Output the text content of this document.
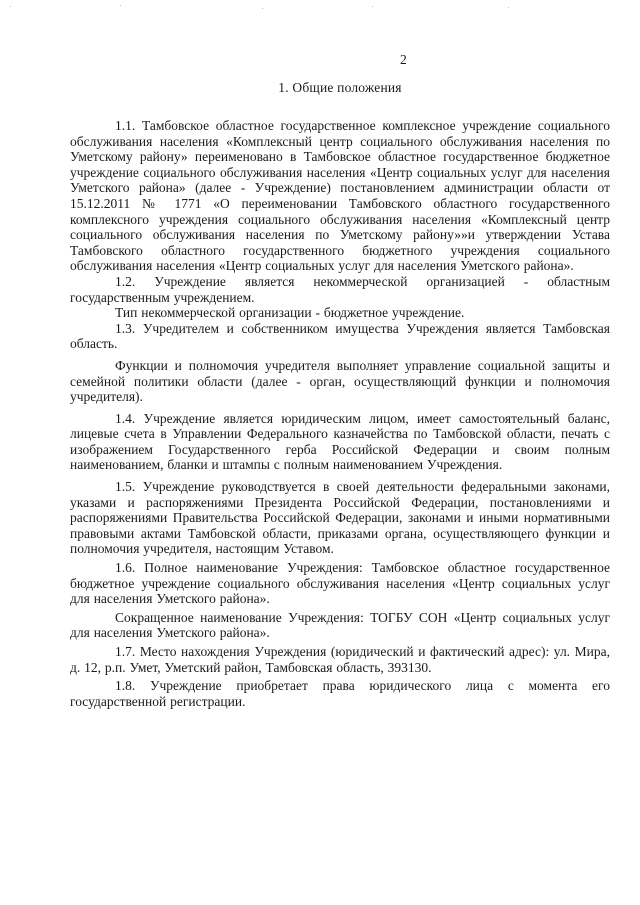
2
1. Общие положения

1.1. Тамбовское областное государственное комплексное учреждение социального обслуживания населения «Комплексный центр социального обслуживания населения по Уметскому району» переименовано в Тамбовское областное государственное бюджетное учреждение социального обслуживания населения «Центр социальных услуг для населения Уметского района» (далее - Учреждение) постановлением администрации области от 15.12.2011 № 1771 «О переименовании Тамбовского областного государственного комплексного учреждения социального обслуживания населения «Комплексный центр социального обслуживания населения по Уметскому району»»и утверждении Устава Тамбовского областного государственного бюджетного учреждения социального обслуживания населения «Центр социальных услуг для населения Уметского района».

1.2. Учреждение является некоммерческой организацией - областным государственным учреждением.

Тип некоммерческой организации - бюджетное учреждение.

1.3. Учредителем и собственником имущества Учреждения является Тамбовская область.

Функции и полномочия учредителя выполняет управление социальной защиты и семейной политики области (далее - орган, осуществляющий функции и полномочия учредителя).

1.4. Учреждение является юридическим лицом, имеет самостоятельный баланс, лицевые счета в Управлении Федерального казначейства по Тамбовской области, печать с изображением Государственного герба Российской Федерации и своим полным наименованием, бланки и штампы с полным наименованием Учреждения.

1.5. Учреждение руководствуется в своей деятельности федеральными законами, указами и распоряжениями Президента Российской Федерации, постановлениями и распоряжениями Правительства Российской Федерации, законами и иными нормативными правовыми актами Тамбовской области, приказами органа, осуществляющего функции и полномочия учредителя, настоящим Уставом.

1.6. Полное наименование Учреждения: Тамбовское областное государственное бюджетное учреждение социального обслуживания населения «Центр социальных услуг для населения Уметского района».

Сокращенное наименование Учреждения: ТОГБУ СОН «Центр социальных услуг для населения Уметского района».

1.7. Место нахождения Учреждения (юридический и фактический адрес): ул. Мира, д. 12, р.п. Умет, Уметский район, Тамбовская область, 393130.

1.8. Учреждение приобретает права юридического лица с момента его государственной регистрации.
